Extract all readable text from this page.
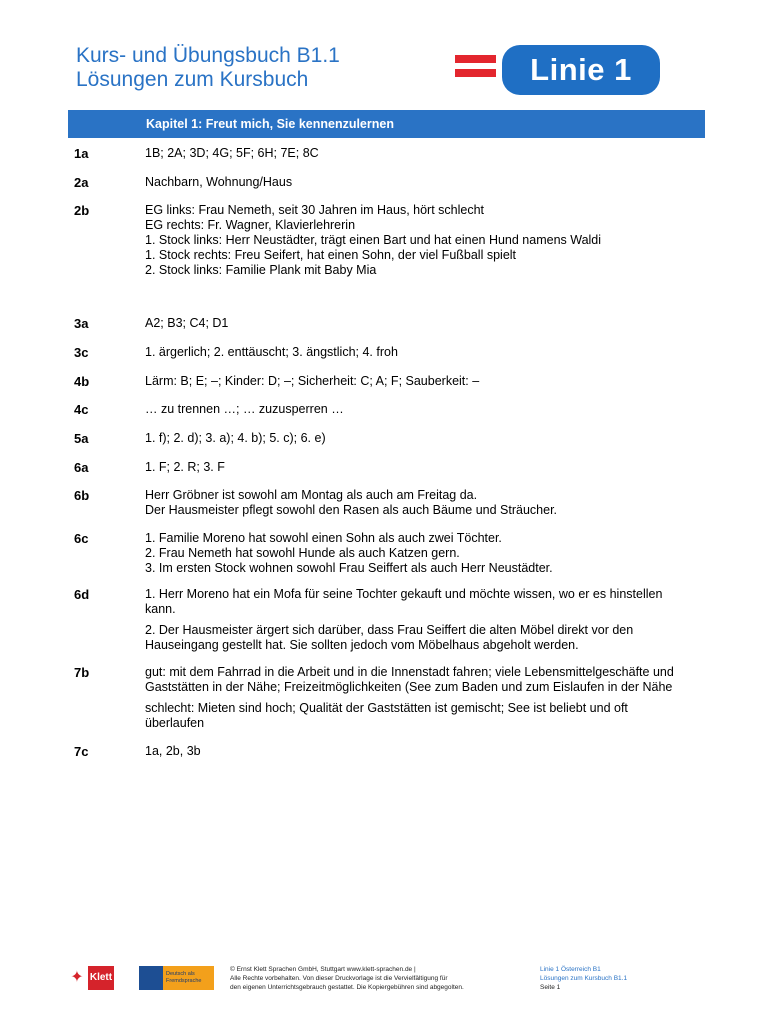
Kurs- und Übungsbuch B1.1
Lösungen zum Kursbuch	Linie 1
Kapitel 1: Freut mich, Sie kennenzulernen
1a	1B; 2A; 3D; 4G; 5F; 6H; 7E; 8C
2a	Nachbarn, Wohnung/Haus
2b	EG links: Frau Nemeth, seit 30 Jahren im Haus, hört schlecht
EG rechts: Fr. Wagner, Klavierlehrerin
1. Stock links: Herr Neustädter, trägt einen Bart und hat einen Hund namens Waldi
1. Stock rechts: Freu Seifert, hat einen Sohn, der viel Fußball spielt
2. Stock links: Familie Plank mit Baby Mia
3a	A2; B3; C4; D1
3c	1. ärgerlich; 2. enttäuscht; 3. ängstlich; 4. froh
4b	Lärm: B; E; –; Kinder: D; –; Sicherheit: C; A; F; Sauberkeit: –
4c	… zu trennen …; … zuzusperren …
5a	1. f); 2. d); 3. a); 4. b); 5. c); 6. e)
6a	1. F; 2. R; 3. F
6b	Herr Gröbner ist sowohl am Montag als auch am Freitag da.
Der Hausmeister pflegt sowohl den Rasen als auch Bäume und Sträucher.
6c	1. Familie Moreno hat sowohl einen Sohn als auch zwei Töchter.
2. Frau Nemeth hat sowohl Hunde als auch Katzen gern.
3. Im ersten Stock wohnen sowohl Frau Seiffert als auch Herr Neustädter.
6d	1. Herr Moreno hat ein Mofa für seine Tochter gekauft und möchte wissen, wo er es hinstellen
kann.
2. Der Hausmeister ärgert sich darüber, dass Frau Seiffert die alten Möbel direkt vor den
Hauseingang gestellt hat. Sie sollten jedoch vom Möbelhaus abgeholt werden.
7b	gut: mit dem Fahrrad in die Arbeit und in die Innenstadt fahren; viele Lebensmittelgeschäfte und
Gaststätten in der Nähe; Freizeitmöglichkeiten (See zum Baden und zum Eislaufen in der Nähe
schlecht: Mieten sind hoch; Qualität der Gaststätten ist gemischt; See ist beliebt und oft
überlaufen
7c	1a, 2b, 3b
✦ Klett	Deutsch als
Fremdsprache
© Ernst Klett Sprachen GmbH, Stuttgart www.klett-sprachen.de |
Alle Rechte vorbehalten. Von dieser Druckvorlage ist die Vervielfältigung für
den eigenen Unterrichtsgebrauch gestattet. Die Kopiergebühren sind abgegolten.
Linie 1 Österreich B1
Lösungen zum Kursbuch B1.1
Seite 1
